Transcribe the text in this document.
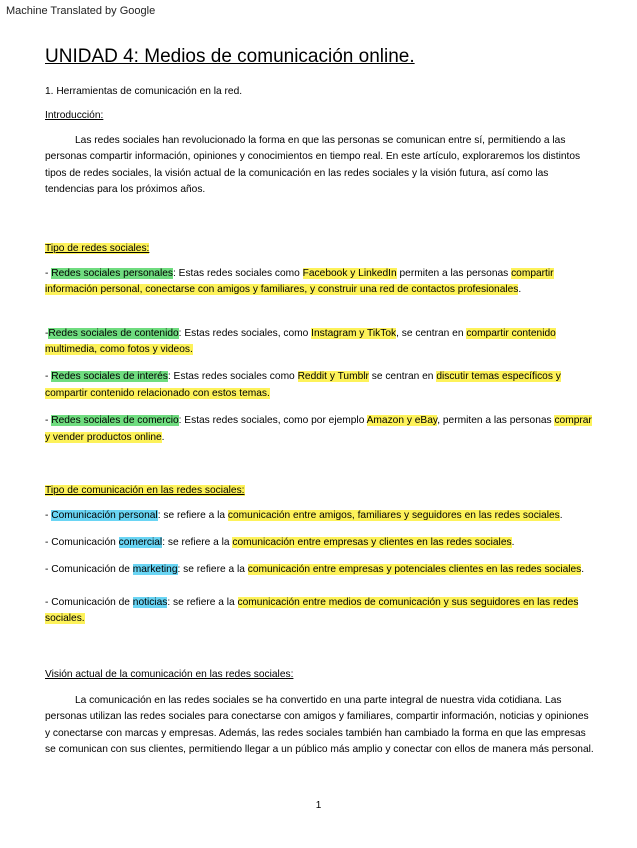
Machine Translated by Google
UNIDAD 4: Medios de comunicación online.

1. Herramientas de comunicación en la red.

Introducción:

Las redes sociales han revolucionado la forma en que las personas se comunican entre sí, permitiendo a las personas compartir información, opiniones y conocimientos en tiempo real. En este artículo, exploraremos los distintos tipos de redes sociales, la visión actual de la comunicación en las redes sociales y la visión futura, así como las tendencias para los próximos años.

Tipo de redes sociales:

- Redes sociales personales: Estas redes sociales como Facebook y LinkedIn permiten a las personas compartir información personal, conectarse con amigos y familiares, y construir una red de contactos profesionales.

-Redes sociales de contenido: Estas redes sociales, como Instagram y TikTok, se centran en compartir contenido multimedia, como fotos y videos.

- Redes sociales de interés: Estas redes sociales como Reddit y Tumblr se centran en discutir temas específicos y compartir contenido relacionado con estos temas.

- Redes sociales de comercio: Estas redes sociales, como por ejemplo Amazon y eBay, permiten a las personas comprar y vender productos online.

Tipo de comunicación en las redes sociales:

- Comunicación personal: se refiere a la comunicación entre amigos, familiares y seguidores en las redes sociales.

- Comunicación comercial: se refiere a la comunicación entre empresas y clientes en las redes sociales.

- Comunicación de marketing: se refiere a la comunicación entre empresas y potenciales clientes en las redes sociales.

- Comunicación de noticias: se refiere a la comunicación entre medios de comunicación y sus seguidores en las redes sociales.

Visión actual de la comunicación en las redes sociales:

La comunicación en las redes sociales se ha convertido en una parte integral de nuestra vida cotidiana. Las personas utilizan las redes sociales para conectarse con amigos y familiares, compartir información, noticias y opiniones y conectarse con marcas y empresas. Además, las redes sociales también han cambiado la forma en que las empresas se comunican con sus clientes, permitiendo llegar a un público más amplio y conectar con ellos de manera más personal.

1
